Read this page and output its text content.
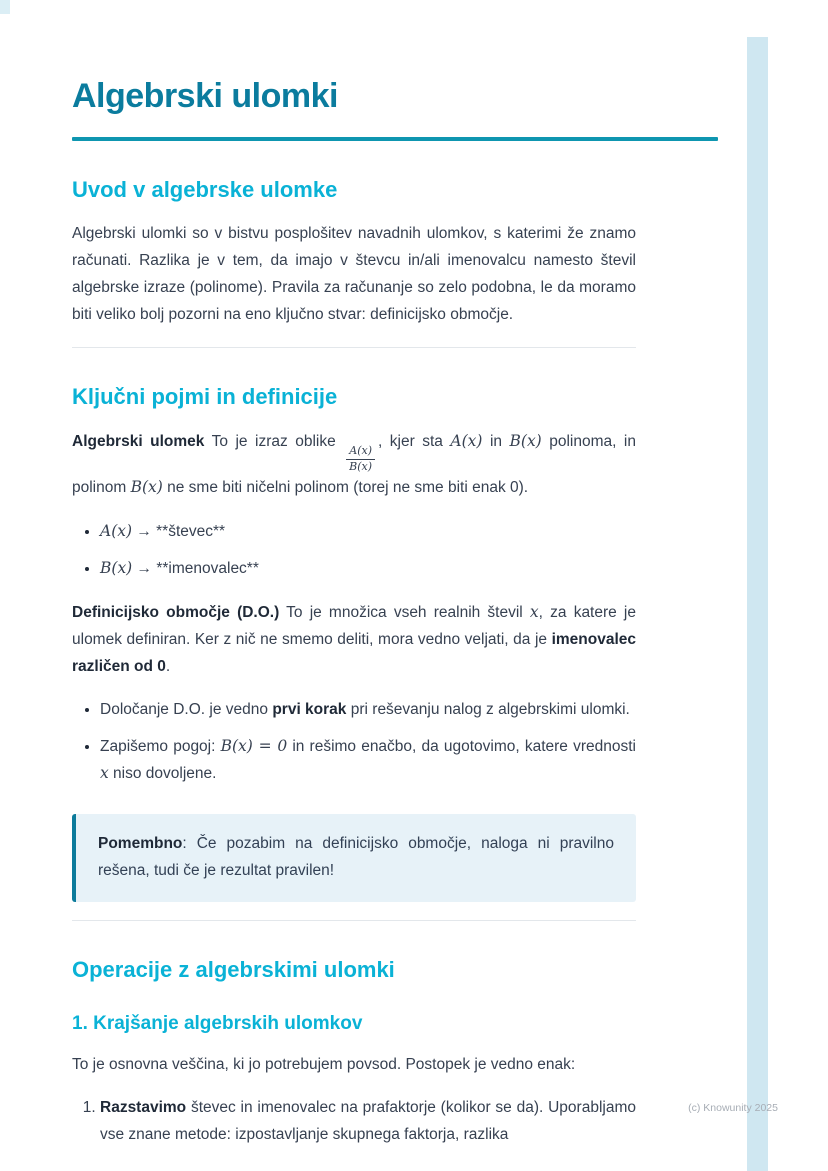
Algebrski ulomki
Uvod v algebrske ulomke

Algebrski ulomki so v bistvu posplošitev navadnih ulomkov, s katerimi že znamo računati. Razlika je v tem, da imajo v števcu in/ali imenovalcu namesto števil algebrske izraze (polinome). Pravila za računanje so zelo podobna, le da moramo biti veliko bolj pozorni na eno ključno stvar: definicijsko območje.

Ključni pojmi in definicije

Algebrski ulomek To je izraz oblike
$\frac{A(x)}{B(x)}$
, kjer sta A(x) in B(x) polinoma, in polinom B(x) ne sme biti ničelni polinom (torej ne sme biti enak 0).

• A(x) → **števec**
• B(x) → **imenovalec**

Definicijsko območje (D.O.) To je množica vseh realnih števil x, za katere je ulomek definiran. Ker z nič ne smemo deliti, mora vedno veljati, da je imenovalec različen od 0.

• Določanje D.O. je vedno prvi korak pri reševanju nalog z algebrskimi ulomki.
• Zapišemo pogoj: B(x) = 0 in rešimo enačbo, da ugotovimo, katere vrednosti x niso dovoljene.
Pomembno: Če pozabim na definicijsko območje, naloga ni pravilno rešena, tudi če je rezultat pravilen!
Operacije z algebrskimi ulomki
1. Krajšanje algebrskih ulomkov

To je osnovna veščina, ki jo potrebujem povsod. Postopek je vedno enak:

1. Razstavimo števec in imenovalec na prafaktorje (kolikor se da). Uporabljamo vse znane metode: izpostavljanje skupnega faktorja, razlika
(c) Knowunity 2025
